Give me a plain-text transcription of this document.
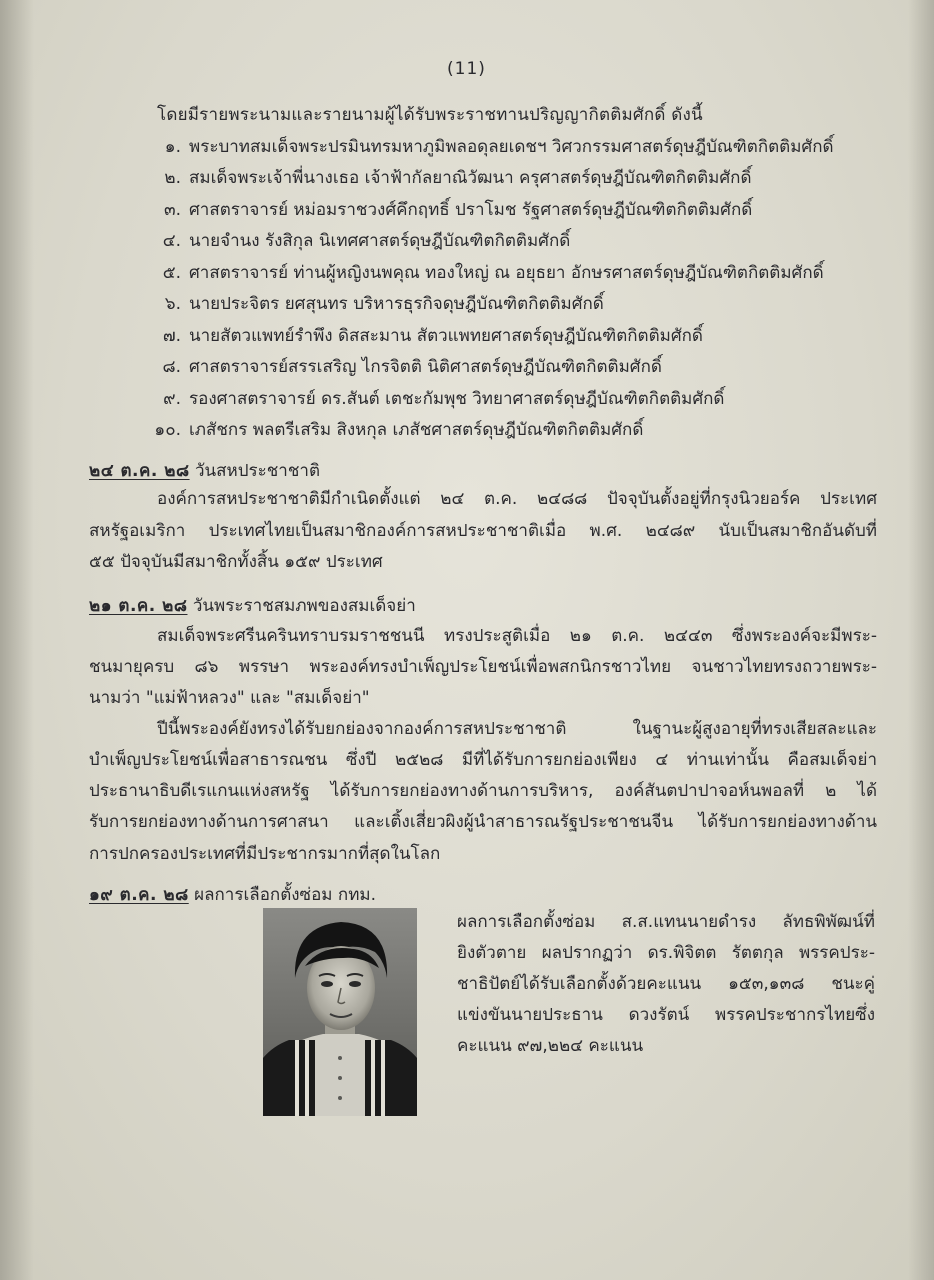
(11)
โดยมีรายพระนามและรายนามผู้ได้รับพระราชทานปริญญากิตติมศักดิ์ ดังนี้
๑. พระบาทสมเด็จพระปรมินทรมหาภูมิพลอดุลยเดชฯ วิศวกรรมศาสตร์ดุษฎีบัณฑิตกิตติมศักดิ์
๒. สมเด็จพระเจ้าพี่นางเธอ เจ้าฟ้ากัลยาณิวัฒนา ครุศาสตร์ดุษฎีบัณฑิตกิตติมศักดิ์
๓. ศาสตราจารย์ หม่อมราชวงศ์คึกฤทธิ์ ปราโมช รัฐศาสตร์ดุษฎีบัณฑิตกิตติมศักดิ์
๔. นายจำนง รังสิกุล นิเทศศาสตร์ดุษฎีบัณฑิตกิตติมศักดิ์
๕. ศาสตราจารย์ ท่านผู้หญิงนพคุณ ทองใหญ่ ณ อยุธยา อักษรศาสตร์ดุษฎีบัณฑิตกิตติมศักดิ์
๖. นายประจิตร ยศสุนทร บริหารธุรกิจดุษฎีบัณฑิตกิตติมศักดิ์
๗. นายสัตวแพทย์รำพึง ดิสสะมาน สัตวแพทยศาสตร์ดุษฎีบัณฑิตกิตติมศักดิ์
๘. ศาสตราจารย์สรรเสริญ ไกรจิตติ นิติศาสตร์ดุษฎีบัณฑิตกิตติมศักดิ์
๙. รองศาสตราจารย์ ดร.สันต์ เตชะกัมพุช วิทยาศาสตร์ดุษฎีบัณฑิตกิตติมศักดิ์
๑๐. เภสัชกร พลตรีเสริม สิงหกุล เภสัชศาสตร์ดุษฎีบัณฑิตกิตติมศักดิ์
๒๔ ต.ค. ๒๘ วันสหประชาชาติ
องค์การสหประชาชาติมีกำเนิดตั้งแต่ ๒๔ ต.ค. ๒๔๘๘ ปัจจุบันตั้งอยู่ที่กรุงนิวยอร์ค ประเทศ
สหรัฐอเมริกา ประเทศไทยเป็นสมาชิกองค์การสหประชาชาติเมื่อ พ.ศ. ๒๔๘๙ นับเป็นสมาชิกอันดับที่
๕๕ ปัจจุบันมีสมาชิกทั้งสิ้น ๑๕๙ ประเทศ
๒๑ ต.ค. ๒๘ วันพระราชสมภพของสมเด็จย่า
สมเด็จพระศรีนครินทราบรมราชชนนี ทรงประสูติเมื่อ ๒๑ ต.ค. ๒๔๔๓ ซึ่งพระองค์จะมีพระ-
ชนมายุครบ ๘๖ พรรษา พระองค์ทรงบำเพ็ญประโยชน์เพื่อพสกนิกรชาวไทย จนชาวไทยทรงถวายพระ-
นามว่า "แม่ฟ้าหลวง" และ "สมเด็จย่า"
ปีนี้พระองค์ยังทรงได้รับยกย่องจากองค์การสหประชาชาติ ในฐานะผู้สูงอายุที่ทรงเสียสละและ
บำเพ็ญประโยชน์เพื่อสาธารณชน ซึ่งปี ๒๕๒๘ มีที่ได้รับการยกย่องเพียง ๔ ท่านเท่านั้น คือสมเด็จย่า
ประธานาธิบดีเรแกนแห่งสหรัฐ ได้รับการยกย่องทางด้านการบริหาร, องค์สันตปาปาจอห์นพอลที่ ๒ ได้
รับการยกย่องทางด้านการศาสนา และเติ้งเสี่ยวผิงผู้นำสาธารณรัฐประชาชนจีน ได้รับการยกย่องทางด้าน
การปกครองประเทศที่มีประชากรมากที่สุดในโลก
๑๙ ต.ค. ๒๘ ผลการเลือกตั้งซ่อม กทม.
ผลการเลือกตั้งซ่อม ส.ส.แทนนายดำรง ลัทธพิพัฒน์ที่
ยิงตัวตาย ผลปรากฏว่า ดร.พิจิตต รัตตกุล พรรคประ-
ชาธิปัตย์ได้รับเลือกตั้งด้วยคะแนน ๑๕๓,๑๓๘ ชนะคู่
แข่งขันนายประธาน ดวงรัตน์ พรรคประชากรไทยซึ่ง
คะแนน ๙๗,๒๒๔ คะแนน
